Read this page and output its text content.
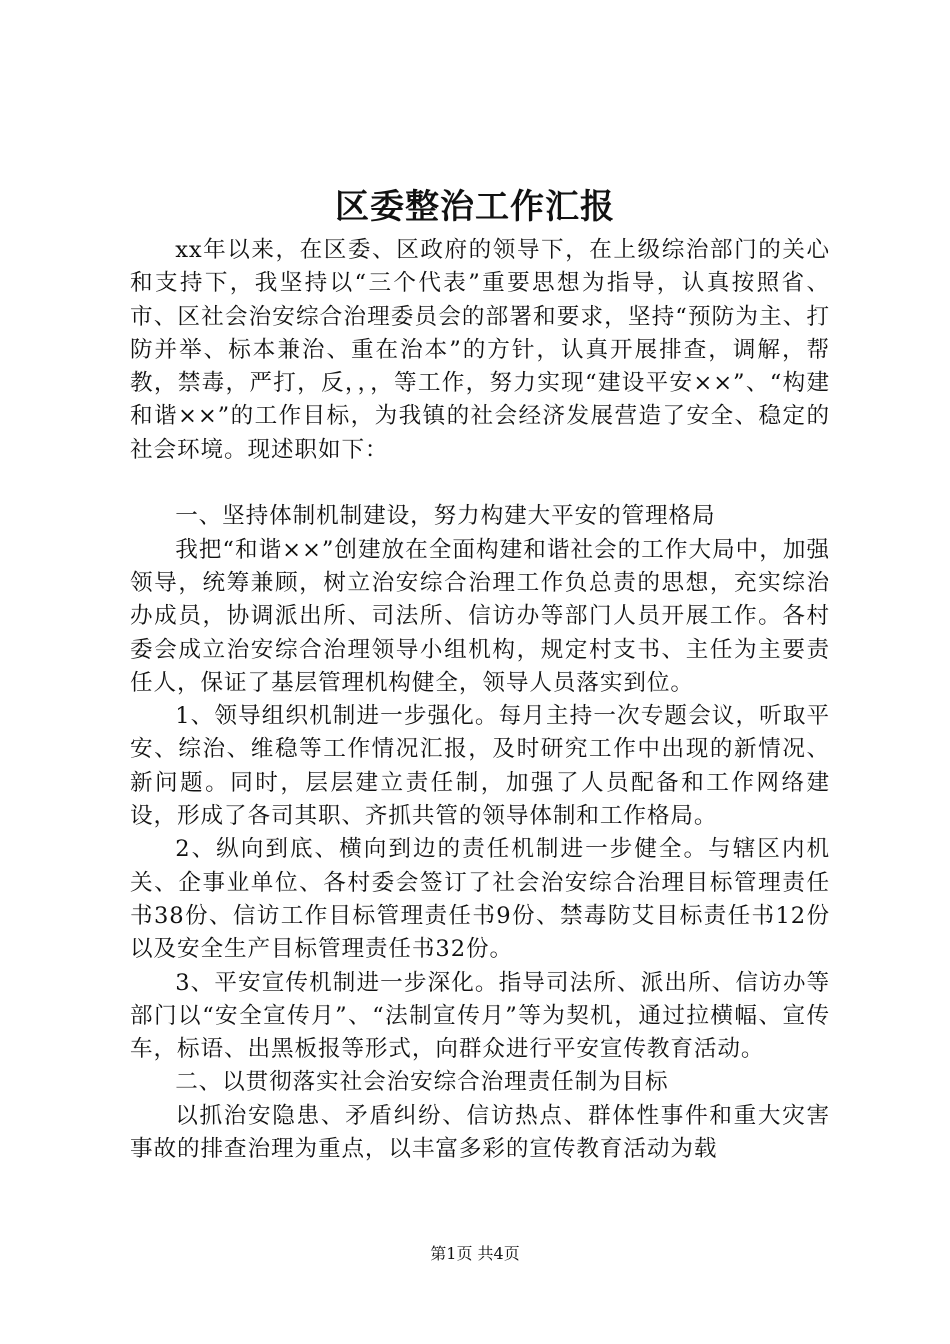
区委整治工作汇报

xx年以来，在区委、区政府的领导下，在上级综治部门的关心和支持下，我坚持以“三个代表”重要思想为指导，认真按照省、市、区社会治安综合治理委员会的部署和要求，坚持“预防为主、打防并举、标本兼治、重在治本”的方针，认真开展排查，调解，帮教，禁毒，严打，反，，，等工作，努力实现“建设平安××”、“构建和谐××”的工作目标，为我镇的社会经济发展营造了安全、稳定的社会环境。现述职如下：

一、坚持体制机制建设，努力构建大平安的管理格局

我把“和谐××”创建放在全面构建和谐社会的工作大局中，加强领导，统筹兼顾，树立治安综合治理工作负总责的思想，充实综治办成员，协调派出所、司法所、信访办等部门人员开展工作。各村委会成立治安综合治理领导小组机构，规定村支书、主任为主要责任人，保证了基层管理机构健全，领导人员落实到位。

1、领导组织机制进一步强化。每月主持一次专题会议，听取平安、综治、维稳等工作情况汇报，及时研究工作中出现的新情况、新问题。同时，层层建立责任制，加强了人员配备和工作网络建设，形成了各司其职、齐抓共管的领导体制和工作格局。

2、纵向到底、横向到边的责任机制进一步健全。与辖区内机关、企事业单位、各村委会签订了社会治安综合治理目标管理责任书38份、信访工作目标管理责任书9份、禁毒防艾目标责任书12份以及安全生产目标管理责任书32份。

3、平安宣传机制进一步深化。指导司法所、派出所、信访办等部门以“安全宣传月”、“法制宣传月”等为契机，通过拉横幅、宣传车，标语、出黑板报等形式，向群众进行平安宣传教育活动。

二、以贯彻落实社会治安综合治理责任制为目标

以抓治安隐患、矛盾纠纷、信访热点、群体性事件和重大灾害事故的排查治理为重点，以丰富多彩的宣传教育活动为载

第1页 共4页
